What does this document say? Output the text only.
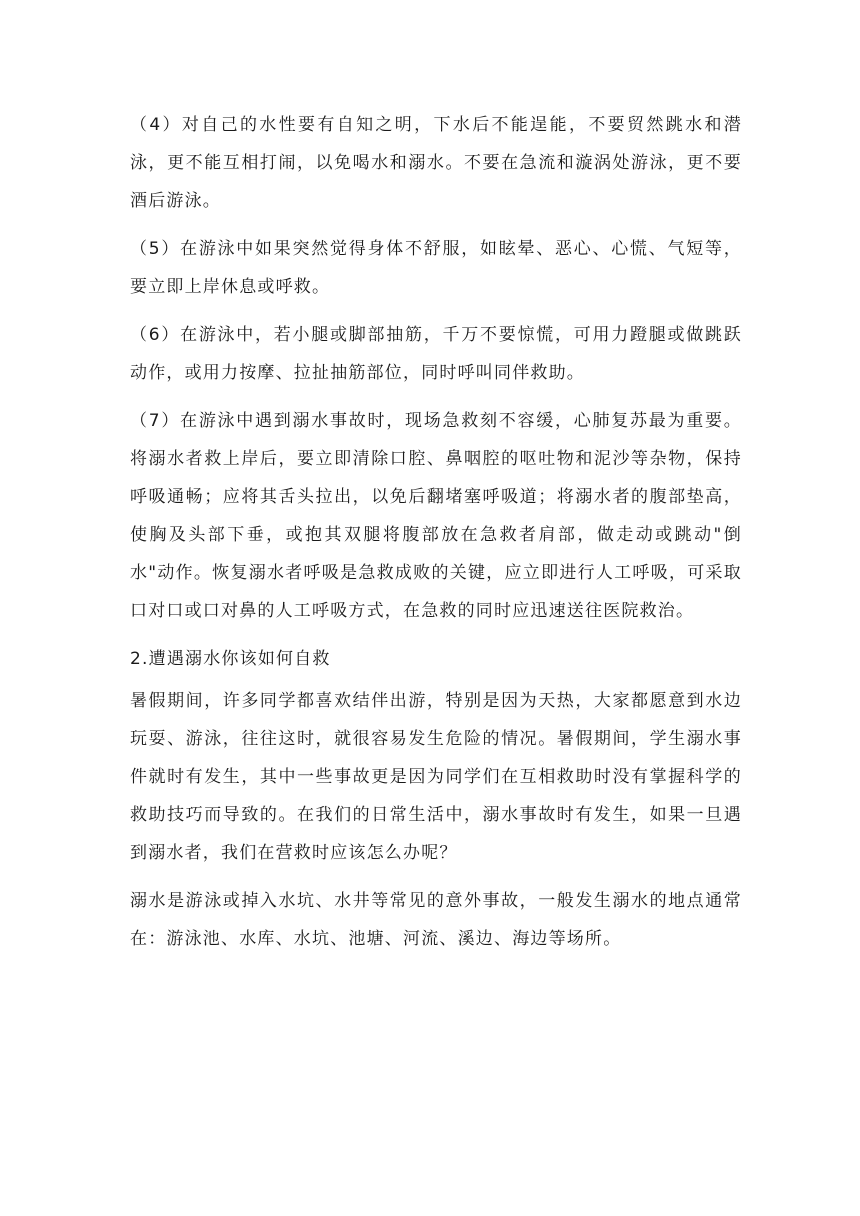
（4）对自己的水性要有自知之明，下水后不能逞能，不要贸然跳水和潜泳，更不能互相打闹，以免喝水和溺水。不要在急流和漩涡处游泳，更不要酒后游泳。

（5）在游泳中如果突然觉得身体不舒服，如眩晕、恶心、心慌、气短等，要立即上岸休息或呼救。

（6）在游泳中，若小腿或脚部抽筋，千万不要惊慌，可用力蹬腿或做跳跃动作，或用力按摩、拉扯抽筋部位，同时呼叫同伴救助。

（7）在游泳中遇到溺水事故时，现场急救刻不容缓，心肺复苏最为重要。将溺水者救上岸后，要立即清除口腔、鼻咽腔的呕吐物和泥沙等杂物，保持呼吸通畅；应将其舌头拉出，以免后翻堵塞呼吸道；将溺水者的腹部垫高，使胸及头部下垂，或抱其双腿将腹部放在急救者肩部，做走动或跳动"倒水"动作。恢复溺水者呼吸是急救成败的关键，应立即进行人工呼吸，可采取口对口或口对鼻的人工呼吸方式，在急救的同时应迅速送往医院救治。

2.遭遇溺水你该如何自救

暑假期间，许多同学都喜欢结伴出游，特别是因为天热，大家都愿意到水边玩耍、游泳，往往这时，就很容易发生危险的情况。暑假期间，学生溺水事件就时有发生，其中一些事故更是因为同学们在互相救助时没有掌握科学的救助技巧而导致的。在我们的日常生活中，溺水事故时有发生，如果一旦遇到溺水者，我们在营救时应该怎么办呢？

溺水是游泳或掉入水坑、水井等常见的意外事故，一般发生溺水的地点通常在：游泳池、水库、水坑、池塘、河流、溪边、海边等场所。
